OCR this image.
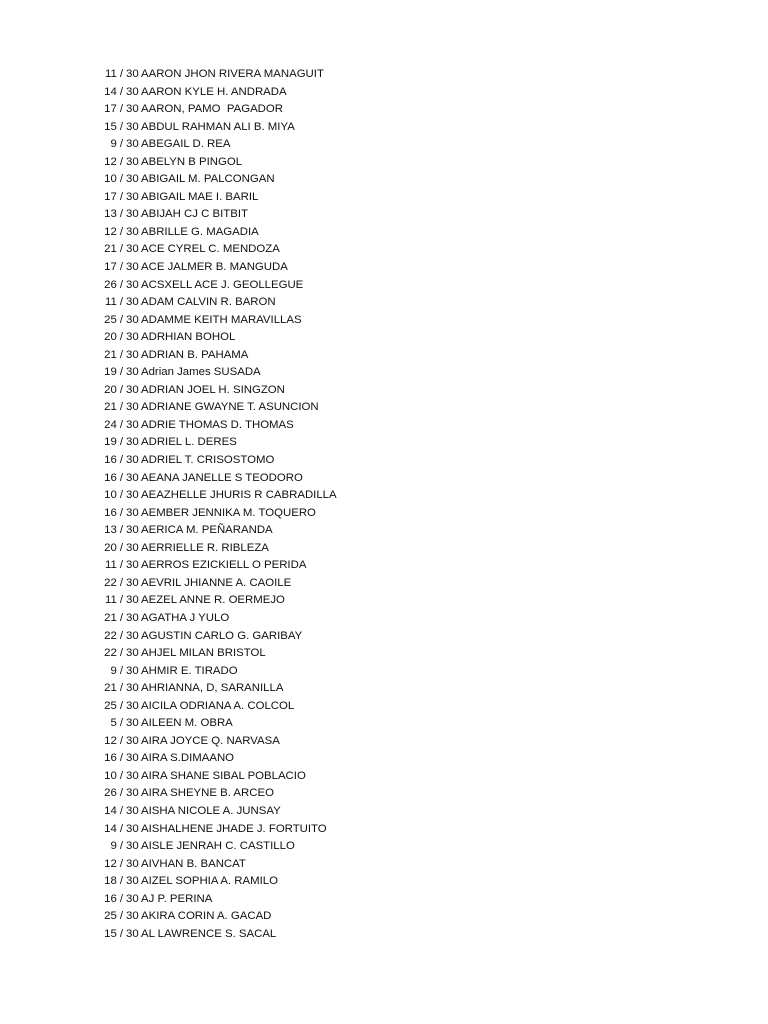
11 / 30 AARON JHON RIVERA MANAGUIT
14 / 30 AARON KYLE H. ANDRADA
17 / 30 AARON, PAMO  PAGADOR
15 / 30 ABDUL RAHMAN ALI B. MIYA
9 / 30 ABEGAIL D. REA
12 / 30 ABELYN B PINGOL
10 / 30 ABIGAIL M. PALCONGAN
17 / 30 ABIGAIL MAE I. BARIL
13 / 30 ABIJAH CJ C BITBIT
12 / 30 ABRILLE G. MAGADIA
21 / 30 ACE CYREL C. MENDOZA
17 / 30 ACE JALMER B. MANGUDA
26 / 30 ACSXELL ACE J. GEOLLEGUE
11 / 30 ADAM CALVIN R. BARON
25 / 30 ADAMME KEITH MARAVILLAS
20 / 30 ADRHIAN BOHOL
21 / 30 ADRIAN B. PAHAMA
19 / 30 Adrian James SUSADA
20 / 30 ADRIAN JOEL H. SINGZON
21 / 30 ADRIANE GWAYNE T. ASUNCION
24 / 30 ADRIE THOMAS D. THOMAS
19 / 30 ADRIEL L. DERES
16 / 30 ADRIEL T. CRISOSTOMO
16 / 30 AEANA JANELLE S TEODORO
10 / 30 AEAZHELLE JHURIS R CABRADILLA
16 / 30 AEMBER JENNIKA M. TOQUERO
13 / 30 AERICA M. PEÑARANDA
20 / 30 AERRIELLE R. RIBLEZA
11 / 30 AERROS EZICKIELL O PERIDA
22 / 30 AEVRIL JHIANNE A. CAOILE
11 / 30 AEZEL ANNE R. OERMEJO
21 / 30 AGATHA J YULO
22 / 30 AGUSTIN CARLO G. GARIBAY
22 / 30 AHJEL MILAN BRISTOL
9 / 30 AHMIR E. TIRADO
21 / 30 AHRIANNA, D, SARANILLA
25 / 30 AICILA ODRIANA A. COLCOL
5 / 30 AILEEN M. OBRA
12 / 30 AIRA JOYCE Q. NARVASA
16 / 30 AIRA S.DIMAANO
10 / 30 AIRA SHANE SIBAL POBLACIO
26 / 30 AIRA SHEYNE B. ARCEO
14 / 30 AISHA NICOLE A. JUNSAY
14 / 30 AISHALHENE JHADE J. FORTUITO
9 / 30 AISLE JENRAH C. CASTILLO
12 / 30 AIVHAN B. BANCAT
18 / 30 AIZEL SOPHIA A. RAMILO
16 / 30 AJ P. PERINA
25 / 30 AKIRA CORIN A. GACAD
15 / 30 AL LAWRENCE S. SACAL
